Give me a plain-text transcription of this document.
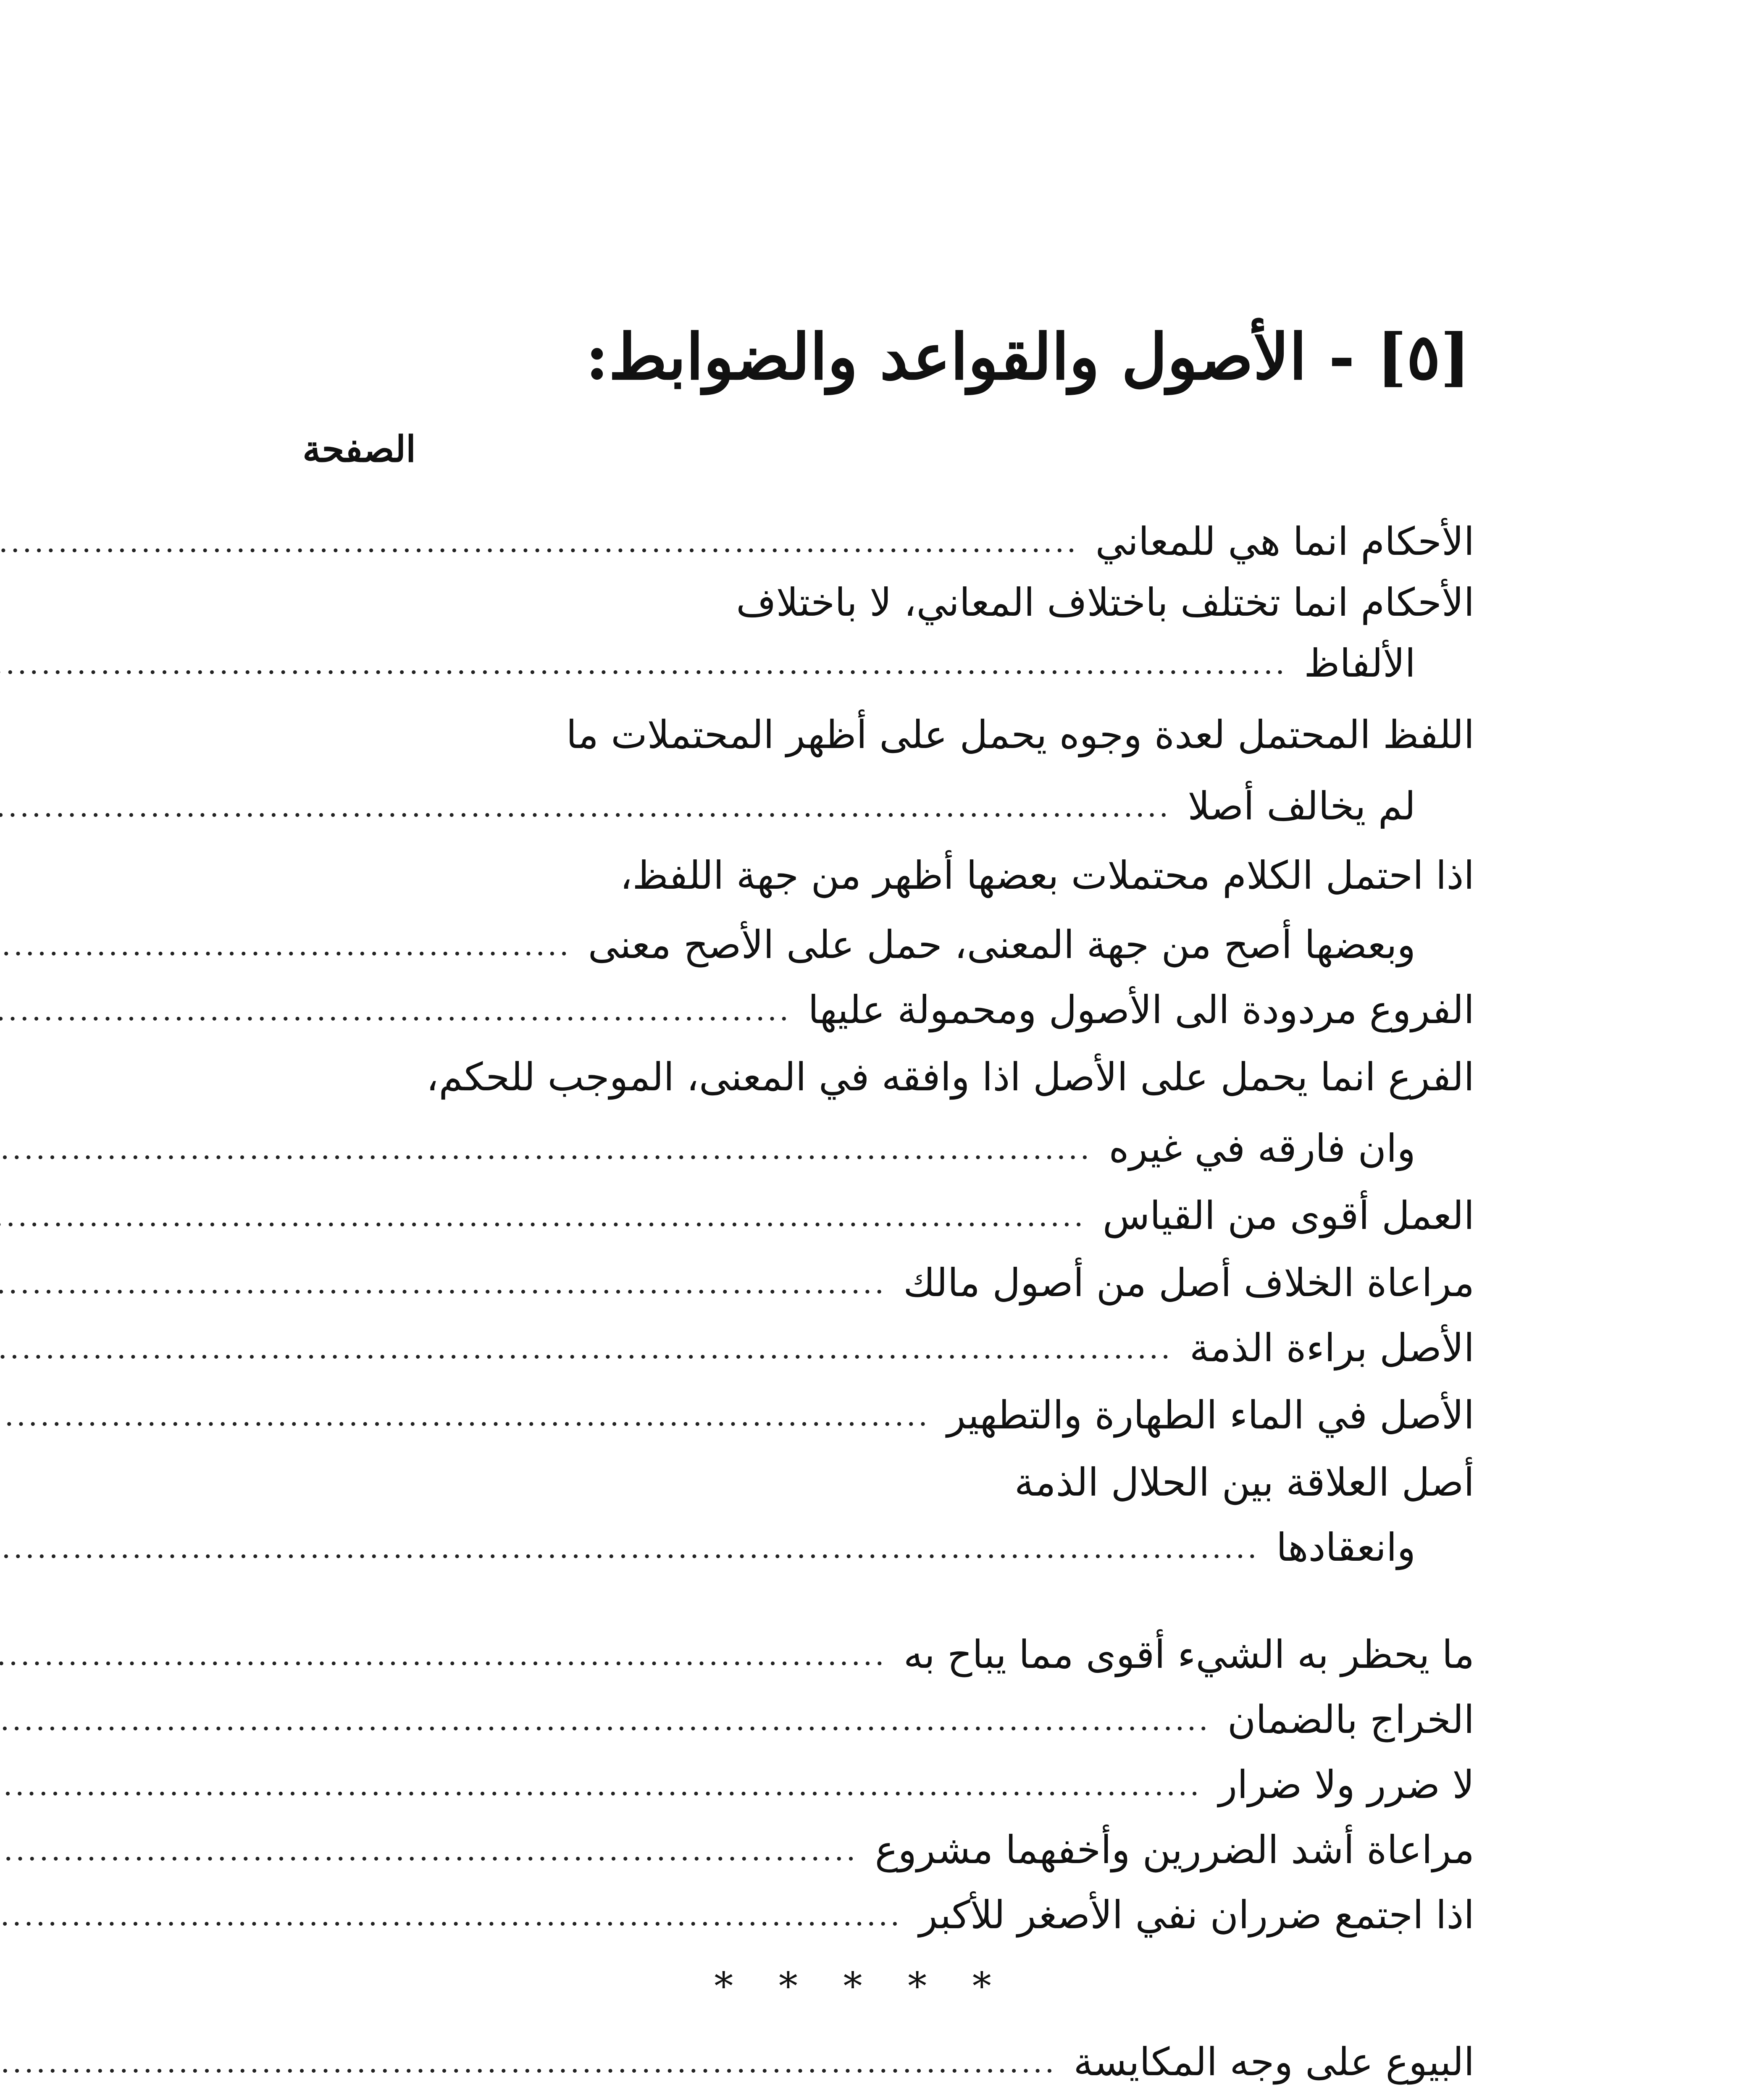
[٥] - الأصول والقواعد والضوابط:
الصفحة
الأحكام انما هي للمعاني
.....
الأحكام انما تختلف باختلاف المعاني، لا باختلاف
الألفاظ
.....
اللفظ المحتمل لعدة وجوه يحمل على أظهر المحتملات ما
لم يخالف أصلا
.....
اذا احتمل الكلام محتملات بعضها أظهر من جهة اللفظ،
وبعضها أصح من جهة المعنى، حمل على الأصح معنى
.....
الفروع مردودة الى الأصول ومحمولة عليها
.....
الفرع انما يحمل على الأصل اذا وافقه في المعنى، الموجب للحكم،
وان فارقه في غيره
.....
العمل أقوى من القياس
.....
مراعاة الخلاف أصل من أصول مالك
.....
الأصل براءة الذمة
.....
الأصل في الماء الطهارة والتطهير
.....
أصل العلاقة بين الحلال الذمة
وانعقادها
.....
ما يحظر به الشيء أقوى مما يباح به
.....
الخراج بالضمان
.....
لا ضرر ولا ضرار
.....
مراعاة أشد الضررين وأخفهما مشروع
.....
اذا اجتمع ضرران نفي الأصغر للأكبر
.....
* * * * *
البيوع على وجه المكايسة
.....
.....
